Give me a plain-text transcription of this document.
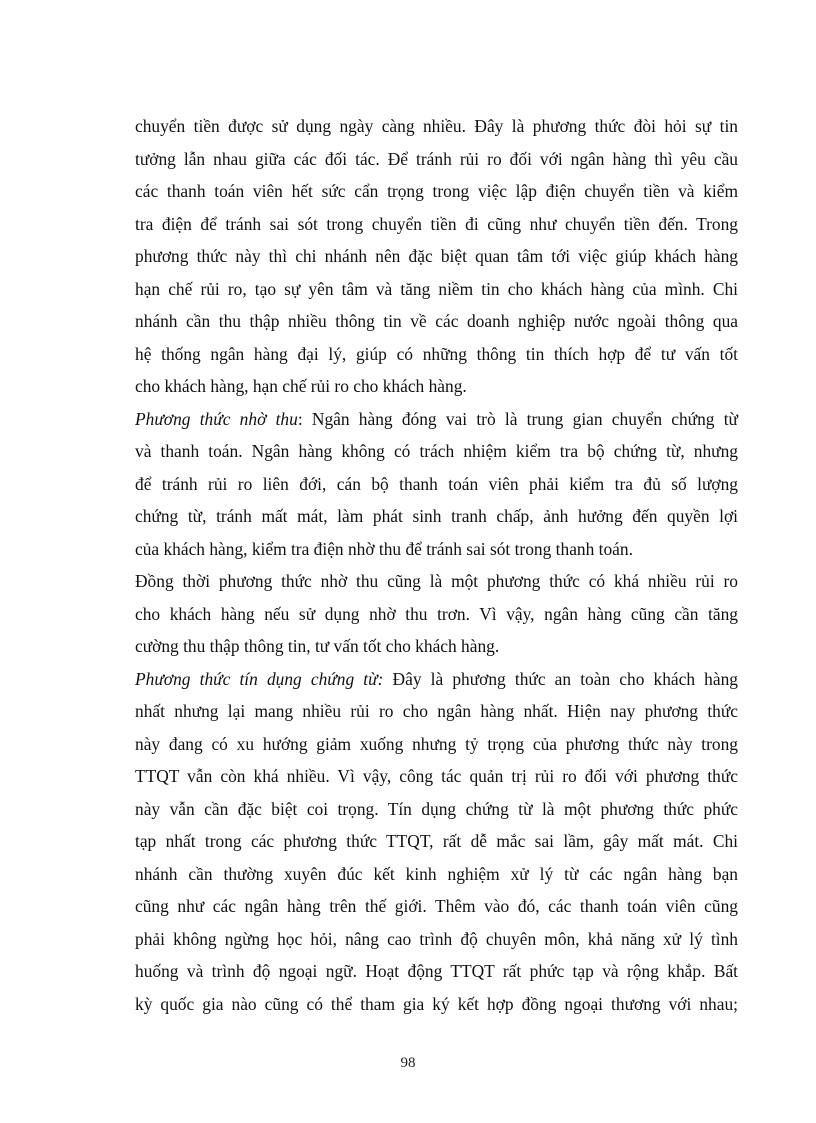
chuyển tiền được sử dụng ngày càng nhiều. Đây là phương thức đòi hỏi sự tin
tưởng lẫn nhau giữa các đối tác. Để tránh rủi ro đối với ngân hàng thì yêu cầu
các thanh toán viên hết sức cẩn trọng trong việc lập điện chuyển tiền và kiểm
tra điện để tránh sai sót trong chuyển tiền đi cũng như chuyển tiền đến. Trong
phương thức này thì chi nhánh nên đặc biệt quan tâm tới việc giúp khách hàng
hạn chế rủi ro, tạo sự yên tâm và tăng niềm tin cho khách hàng của mình. Chi
nhánh cần thu thập nhiều thông tin về các doanh nghiệp nước ngoài thông qua
hệ thống ngân hàng đại lý, giúp có những thông tin thích hợp để tư vấn tốt
cho khách hàng, hạn chế rủi ro cho khách hàng.
Phương thức nhờ thu: Ngân hàng đóng vai trò là trung gian chuyển chứng từ
và thanh toán. Ngân hàng không có trách nhiệm kiểm tra bộ chứng từ, nhưng
để tránh rủi ro liên đới, cán bộ thanh toán viên phải kiểm tra đủ số lượng
chứng từ, tránh mất mát, làm phát sinh tranh chấp, ảnh hưởng đến quyền lợi
của khách hàng, kiểm tra điện nhờ thu để tránh sai sót trong thanh toán.
Đồng thời phương thức nhờ thu cũng là một phương thức có khá nhiều rủi ro
cho khách hàng nếu sử dụng nhờ thu trơn. Vì vậy, ngân hàng cũng cần tăng
cường thu thập thông tin, tư vấn tốt cho khách hàng.
Phương thức tín dụng chứng từ: Đây là phương thức an toàn cho khách hàng
nhất nhưng lại mang nhiều rủi ro cho ngân hàng nhất. Hiện nay phương thức
này đang có xu hướng giảm xuống nhưng tỷ trọng của phương thức này trong
TTQT vẫn còn khá nhiều. Vì vậy, công tác quản trị rủi ro đối với phương thức
này vẫn cần đặc biệt coi trọng. Tín dụng chứng từ là một phương thức phức
tạp nhất trong các phương thức TTQT, rất dễ mắc sai lầm, gây mất mát. Chi
nhánh cần thường xuyên đúc kết kinh nghiệm xử lý từ các ngân hàng bạn
cũng như các ngân hàng trên thế giới. Thêm vào đó, các thanh toán viên cũng
phải không ngừng học hỏi, nâng cao trình độ chuyên môn, khả năng xử lý tình
huống và trình độ ngoại ngữ. Hoạt động TTQT rất phức tạp và rộng khắp. Bất
kỳ quốc gia nào cũng có thể tham gia ký kết hợp đồng ngoại thương với nhau;
98
